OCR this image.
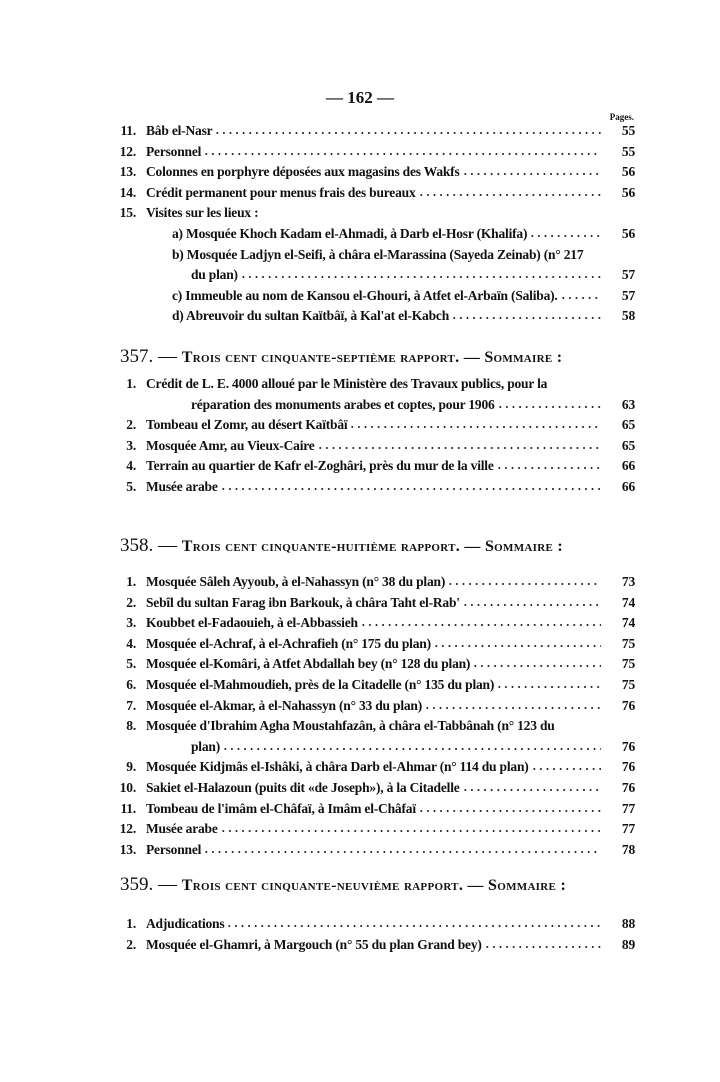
— 162 —
Pages.
11. Bâb el-Nasr	55
12. Personnel	55
13. Colonnes en porphyre déposées aux magasins des Wakfs	56
14. Crédit permanent pour menus frais des bureaux	56
15. Visites sur les lieux :
a) Mosquée Khoch Kadam el-Ahmadi, à Darb el-Hosr (Khalifa)	56
b) Mosquée Ladjyn el-Seifi, à châra el-Marassina (Sayeda Zeinab) (n° 217
du plan)	57
c) Immeuble au nom de Kansou el-Ghouri, à Atfet el-Arbaïn (Saliba).	57
d) Abreuvoir du sultan Kaïtbâï, à Kal'at el-Kabch	58
357. — Trois cent cinquante-septième rapport. — Sommaire :
1. Crédit de L. E. 4000 alloué par le Ministère des Travaux publics, pour la
réparation des monuments arabes et coptes, pour 1906	63
2. Tombeau el Zomr, au désert Kaïtbâï	65
3. Mosquée Amr, au Vieux-Caire	65
4. Terrain au quartier de Kafr el-Zoghâri, près du mur de la ville	66
5. Musée arabe	66
358. — Trois cent cinquante-huitième rapport. — Sommaire :
1. Mosquée Sâleh Ayyoub, à el-Nahassyn (n° 38 du plan)	73
2. Sebîl du sultan Farag ibn Barkouk, à châra Taht el-Rab'	74
3. Koubbet el-Fadaouieh, à el-Abbassieh	74
4. Mosquée el-Achraf, à el-Achrafieh (n° 175 du plan)	75
5. Mosquée el-Komâri, à Atfet Abdallah bey (n° 128 du plan)	75
6. Mosquée el-Mahmoudieh, près de la Citadelle (n° 135 du plan)	75
7. Mosquée el-Akmar, à el-Nahassyn (n° 33 du plan)	76
8. Mosquée d'Ibrahim Agha Moustahfazân, à châra el-Tabbânah (n° 123 du
plan)	76
9. Mosquée Kidjmâs el-Ishâki, à châra Darb el-Ahmar (n° 114 du plan)	76
10. Sakiet el-Halazoun (puits dit «de Joseph»), à la Citadelle	76
11. Tombeau de l'imâm el-Châfaï, à Imâm el-Châfaï	77
12. Musée arabe	77
13. Personnel	78
359. — Trois cent cinquante-neuvième rapport. — Sommaire :
1. Adjudications	88
2. Mosquée el-Ghamri, à Margouch (n° 55 du plan Grand bey)	89
